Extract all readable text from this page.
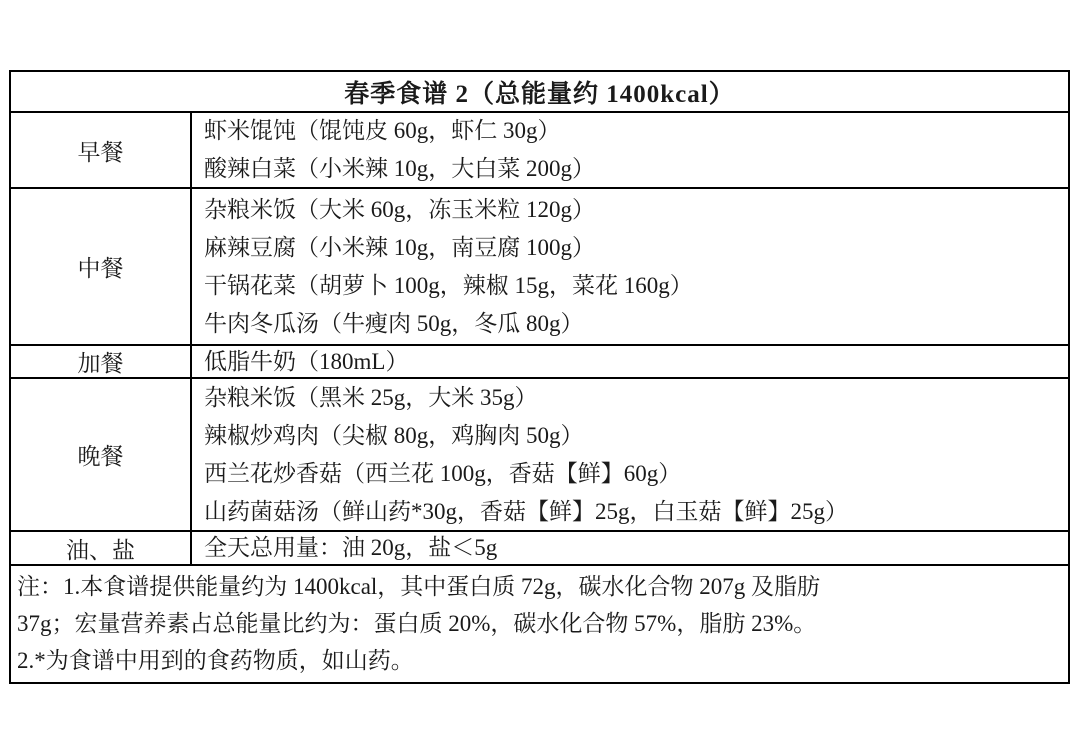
春季食谱 2（总能量约 1400kcal）
早餐
虾米馄饨（馄饨皮 60g，虾仁 30g）
酸辣白菜（小米辣 10g，大白菜 200g）
中餐
杂粮米饭（大米 60g，冻玉米粒 120g）
麻辣豆腐（小米辣 10g，南豆腐 100g）
干锅花菜（胡萝卜 100g，辣椒 15g，菜花 160g）
牛肉冬瓜汤（牛瘦肉 50g，冬瓜 80g）
加餐	低脂牛奶（180mL）
晚餐
杂粮米饭（黑米 25g，大米 35g）
辣椒炒鸡肉（尖椒 80g，鸡胸肉 50g）
西兰花炒香菇（西兰花 100g，香菇【鲜】60g）
山药菌菇汤（鲜山药*30g，香菇【鲜】25g，白玉菇【鲜】25g）
油、盐	全天总用量：油 20g，盐＜5g
注：1.本食谱提供能量约为 1400kcal，其中蛋白质 72g，碳水化合物 207g 及脂肪
37g；宏量营养素占总能量比约为：蛋白质 20%，碳水化合物 57%，脂肪 23%。
2.*为食谱中用到的食药物质，如山药。
